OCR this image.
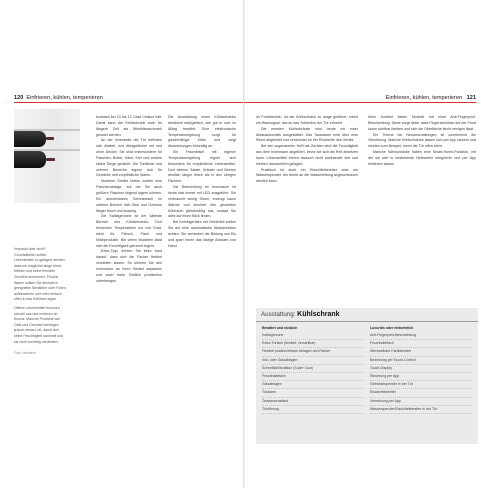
120 Einfrieren, kühlen, temperieren

Verpackt oder nicht? Grundsätzlich sollten Lebensmittel so gelagert werden, dass sie möglichst lange frisch bleiben und keine fremden Gerüche annehmen. Frische Waren sollten Sie deshalb in geeigneten Behältern oder Folien aufbewahren und nicht einfach offen in das Kühlfach legen.

Offene Lebensmittel trocknen schnell aus und verlieren an Aroma. Manche Produkte wie Obst und Gemüse benötigen jedoch etwas Luft, damit sich keine Feuchtigkeit sammelt und sie nicht vorzeitig verderben.

Foto: Hersteller

konstant bei 10 bis 12 Grad Celsius hält. Damit kann der Kühlschrank auch für längere Zeit als Weinklimaschrank genutzt werden.

An der Innenseite der Tür befinden sich Abstell- und Ablagefächer mit und ohne Deckel. Sie sind insbesondere für Flaschen, Butter, Käse, Eier und andere kleine Dinge gedacht. Die Türfächer und unteren Bereiche eignen sich für Getränke und empfindliche Waren.

Moderne Geräte bieten zudem eine Flaschenablage, auf der Sie auch größere Flaschen liegend lagern können. Ein ausziehbares Gemüsefach im unteren Bereich hält Obst und Gemüse länger frisch und knackig.

Die Kaltlagerzone ist der kälteste Bereich des Kühlschranks. Dort herrschen Temperaturen um null Grad, ideal für Fleisch, Fisch und Milchprodukte. Bei vielen Modellen lässt sich die Feuchtigkeit getrennt regeln.

Extra-Tipp: Achten Sie beim Kauf darauf, dass sich die Fächer flexibel verstellen lassen. So können Sie den Innenraum an Ihren Bedarf anpassen und auch hohe Gefäße problemlos unterbringen.

Die Ausstattung eines Kühlschranks bestimmt maßgeblich, wie gut er sich im Alltag bewährt. Eine elektronische Temperaturregelung sorgt für gleichmäßige Kälte und zeigt Abweichungen frühzeitig an.

Ein Frischefach mit eigener Temperaturregelung eignet sich besonders für empfindliche Lebensmittel. Dort bleiben Salate, Kräuter und Beeren deutlich länger frisch als in den übrigen Fächern.

Die Beleuchtung im Innenraum ist heute fast immer mit LED ausgeführt. Sie verbraucht wenig Strom, erzeugt kaum Wärme und leuchtet den gesamten Kühlraum gleichmäßig aus, sodass Sie alles auf einen Blick finden.

Bei Kombigeräten mit Gefrierteil sollten Sie auf eine automatische Abtaufunktion achten. Sie verhindert die Bildung von Eis und spart Ihnen das lästige Abtauen von Hand.

Einfrieren, kühlen, temperieren 121

im Frostbereich. Ist der Kühlschrank zu lange geöffnet, ertönt ein Warnsignal, das an das Schließen der Tür erinnert.

Die meisten Kühlschränke sind heute mit einer Abtauautomatik ausgestattet. Das Tauwasser wird über eine Rinne abgeleitet und verdunstet an der Rückseite des Geräts.

Bei den sogenannten NoFrost-Geräten wird die Feuchtigkeit aus dem Innenraum abgeführt, bevor sie sich als Reif absetzen kann. Lebensmittel frieren dadurch nicht aneinander fest und bleiben übersichtlich gelagert.

Praktisch ist auch ein Eiswürfelbereiter oder ein Wasserspender, der direkt an die Wasserleitung angeschlossen werden kann.

Mehr Komfort bieten Modelle mit einer Anti-Fingerprint-Beschichtung. Diese sorgt dafür, dass Fingerabdrücke auf der Front kaum sichtbar bleiben und sich die Oberfläche leicht reinigen lässt.

Ein Thema bei Neuanschaffungen ist zunehmend die Vernetzung. Manche Kühlschränke lassen sich per App steuern und melden zum Beispiel, wenn die Tür offen steht.

Manche Kühlschränke haben eine Smart-Home-Funktion, mit der sie sich in bestehende Netzwerke integrieren und per App bedienen lassen.

Ausstattung: Kühlschrank
Bewährt und nützlich
Kaltlagerzone
Extra-Türfach (flexibel, verstellbar)
Flexibel positionierbare Ablagen und Fächer
Voll- oder Glasablagen
Schnellkühlfunktion (Super Cool)
Frischhaltefach
Glasablagen
Türalarm
Tauwasserablauf
Türöffnung
Luxuriös oder entbehrlich
Anti-Fingerprint-Beschichtung
Frischhaltefach
Wechselbare Farbblenden
Bedienung per Touch-Control
Touch-Display
Steuerung per App
Getränkespender in der Tür
Eiswürfelbereiter
Vernetzung per App
Wasserspender/Eiswürfelbereiter in der Tür
